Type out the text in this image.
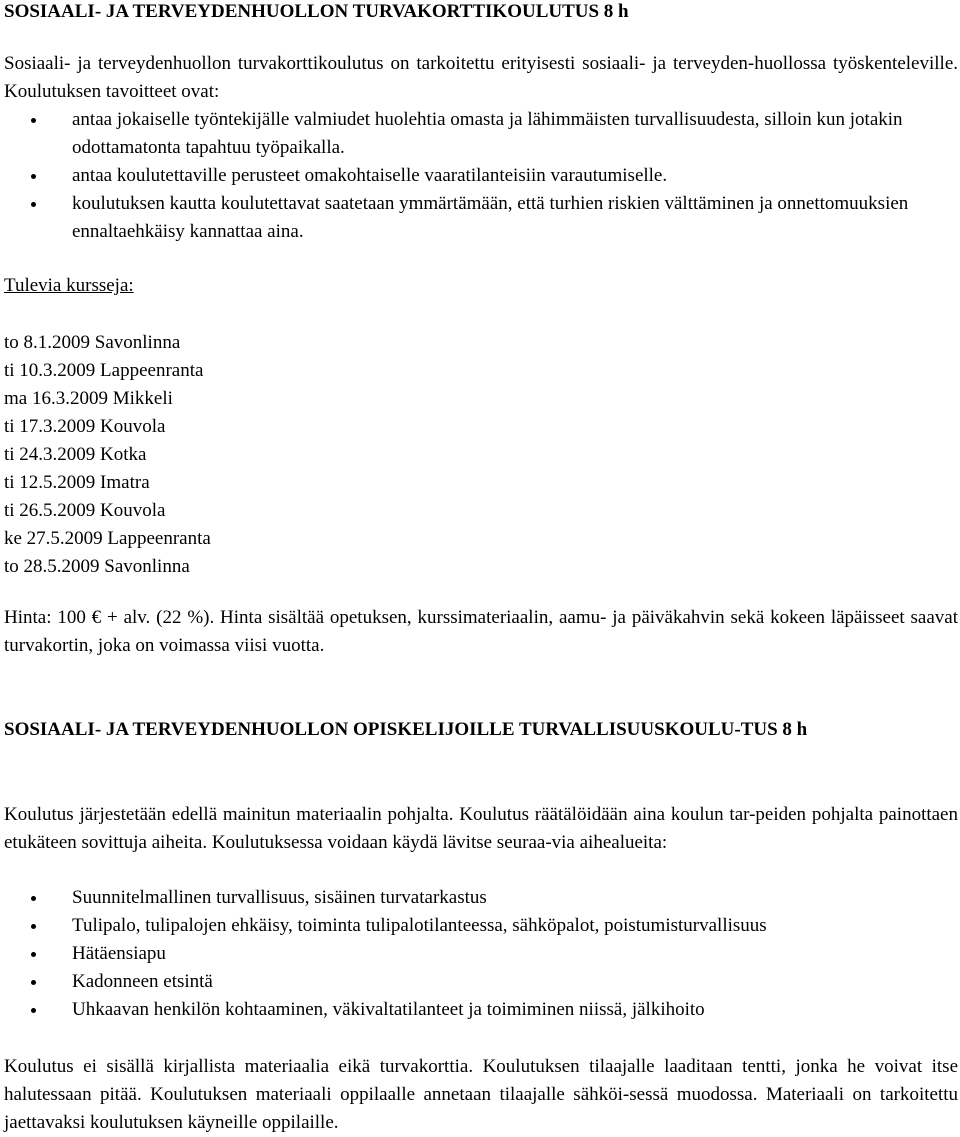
SOSIAALI- JA TERVEYDENHUOLLON TURVAKORTTIKOULUTUS 8 h

Sosiaali- ja terveydenhuollon turvakorttikoulutus on tarkoitettu erityisesti sosiaali- ja terveyden-huollossa työskenteleville. Koulutuksen tavoitteet ovat:

antaa jokaiselle työntekijälle valmiudet huolehtia omasta ja lähimmäisten turvallisuudesta, silloin kun jotakin odottamatonta tapahtuu työpaikalla.
antaa koulutettaville perusteet omakohtaiselle vaaratilanteisiin varautumiselle.
koulutuksen kautta koulutettavat saatetaan ymmärtämään, että turhien riskien välttäminen ja onnettomuuksien ennaltaehkäisy kannattaa aina.

Tulevia kursseja:

to 8.1.2009 Savonlinna
ti 10.3.2009 Lappeenranta
ma 16.3.2009 Mikkeli
ti 17.3.2009 Kouvola
ti 24.3.2009 Kotka
ti 12.5.2009 Imatra
ti 26.5.2009 Kouvola
ke 27.5.2009 Lappeenranta
to 28.5.2009 Savonlinna

Hinta: 100 € + alv. (22 %). Hinta sisältää opetuksen, kurssimateriaalin, aamu- ja päiväkahvin sekä kokeen läpäisseet saavat turvakortin, joka on voimassa viisi vuotta.

SOSIAALI- JA TERVEYDENHUOLLON OPISKELIJOILLE TURVALLISUUSKOULU-TUS 8 h

Koulutus järjestetään edellä mainitun materiaalin pohjalta. Koulutus räätälöidään aina koulun tar-peiden pohjalta painottaen etukäteen sovittuja aiheita. Koulutuksessa voidaan käydä lävitse seuraa-via aihealueita:

Suunnitelmallinen turvallisuus, sisäinen turvatarkastus
Tulipalo, tulipalojen ehkäisy, toiminta tulipalotilanteessa, sähköpalot, poistumisturvallisuus
Hätäensiapu
Kadonneen etsintä
Uhkaavan henkilön kohtaaminen, väkivaltatilanteet ja toimiminen niissä, jälkihoito

Koulutus ei sisällä kirjallista materiaalia eikä turvakorttia. Koulutuksen tilaajalle laaditaan tentti, jonka he voivat itse halutessaan pitää. Koulutuksen materiaali oppilaalle annetaan tilaajalle sähköi-sessä muodossa. Materiaali on tarkoitettu jaettavaksi koulutuksen käyneille oppilaille.
